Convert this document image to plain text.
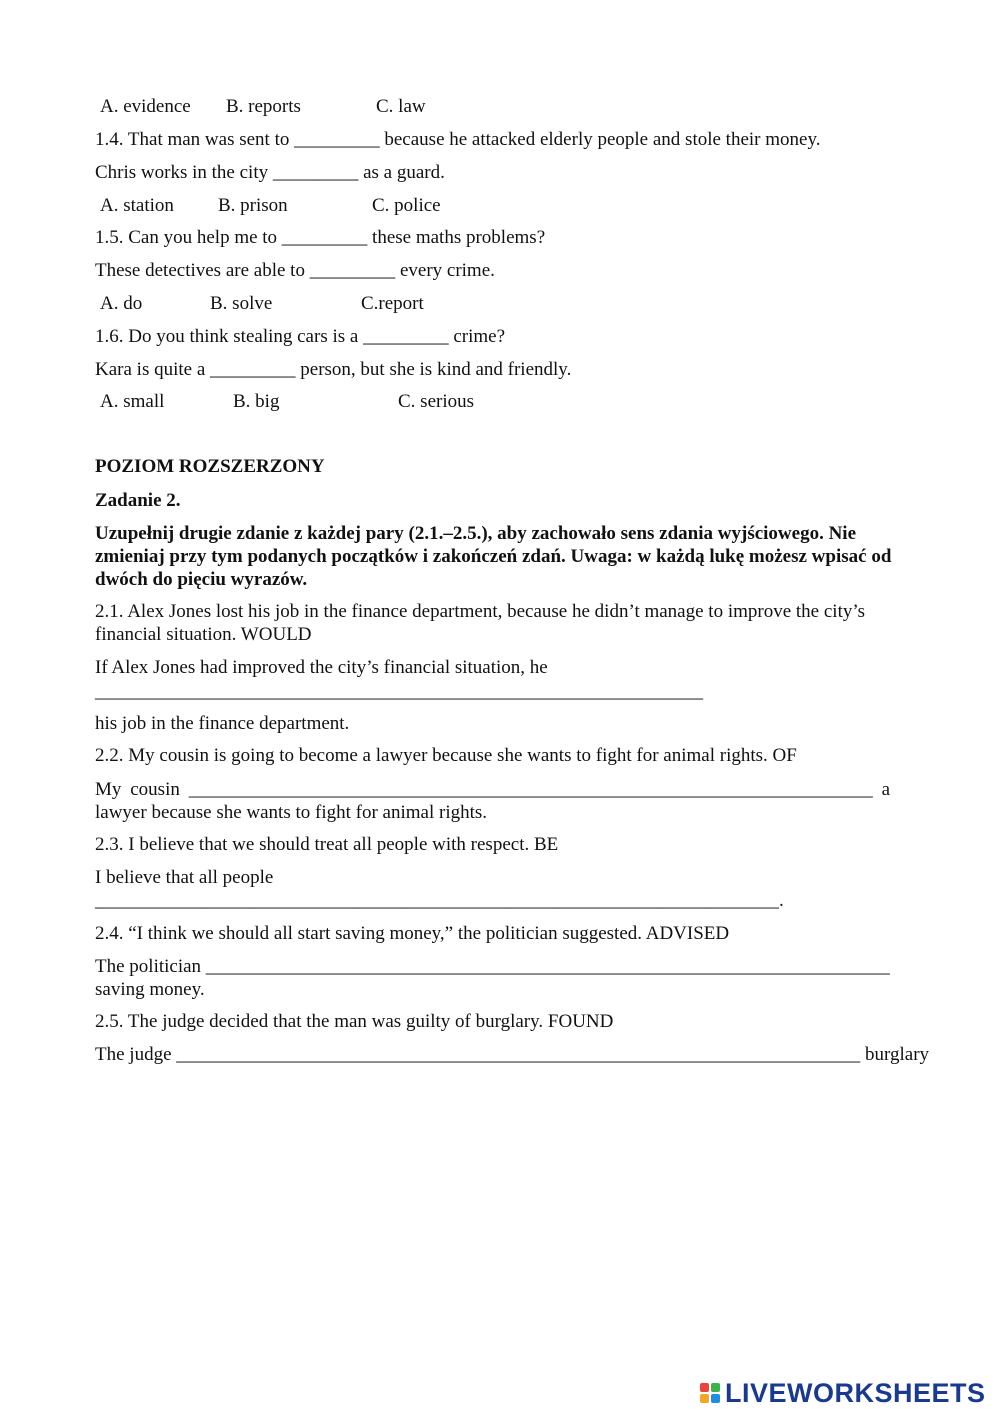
A. evidence B. reports	C. law
1.4. That man was sent to _________ because he attacked elderly people and stole their money.
Chris works in the city _________ as a guard.
A. station B. prison	C. police
1.5. Can you help me to _________ these maths problems?
These detectives are able to _________ every crime.
A. do	B. solve	C.report
1.6. Do you think stealing cars is a _________ crime?
Kara is quite a _________ person, but she is kind and friendly.
A. small	B. big	C. serious
POZIOM ROZSZERZONY
Zadanie 2.
Uzupełnij drugie zdanie z każdej pary (2.1.–2.5.), aby zachowało sens zdania wyjściowego. Nie zmieniaj przy tym podanych początków i zakończeń zdań. Uwaga: w każdą lukę możesz wpisać od dwóch do pięciu wyrazów.
2.1. Alex Jones lost his job in the finance department, because he didn’t manage to improve the city’s financial situation. WOULD
If Alex Jones had improved the city’s financial situation, he
________________________________________________________________
his job in the finance department.
2.2. My cousin is going to become a lawyer because she wants to fight for animal rights. OF
My cousin ________________________________________________________________________ a lawyer because she wants to fight for animal rights.
2.3. I believe that we should treat all people with respect. BE
I believe that all people
________________________________________________________________________.
2.4. “I think we should all start saving money,” the politician suggested. ADVISED
The politician ________________________________________________________________________ saving money.
2.5. The judge decided that the man was guilty of burglary. FOUND
The judge ________________________________________________________________________ burglary
LIVEWORKSHEETS
